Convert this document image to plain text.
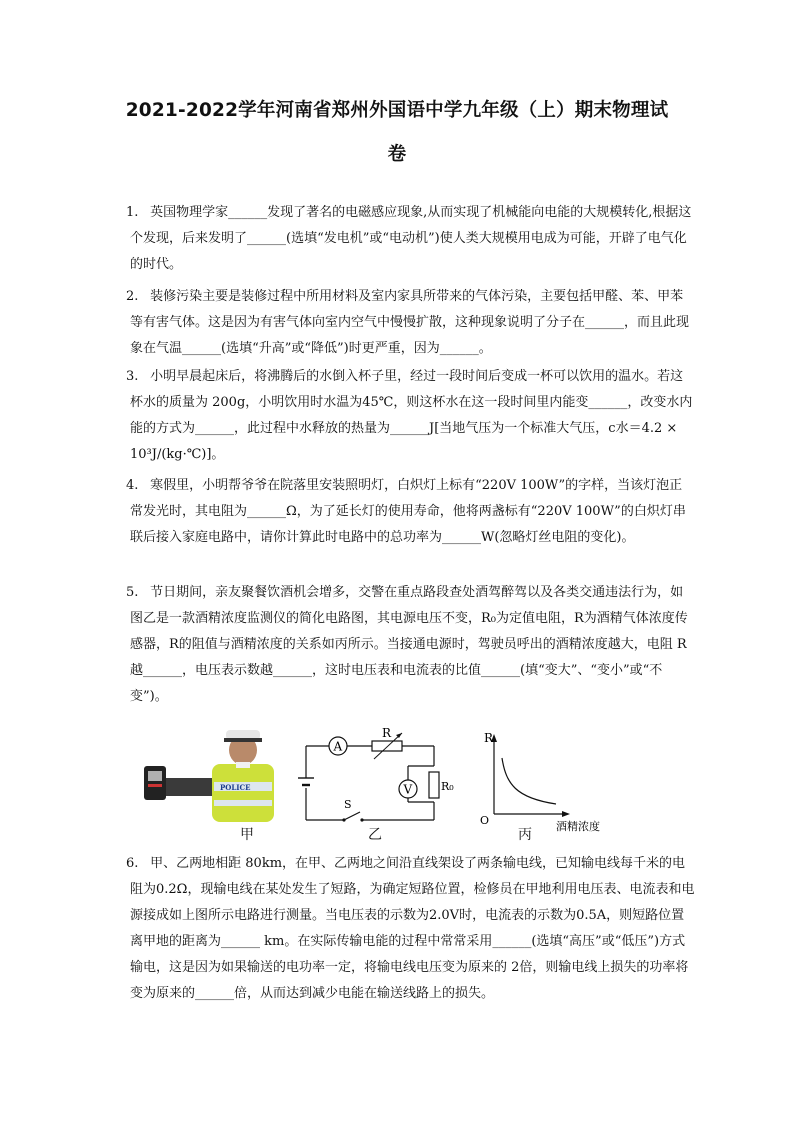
2021-2022学年河南省郑州外国语中学九年级（上）期末物理试
卷
1. 英国物理学家______发现了著名的电磁感应现象,从而实现了机械能向电能的大规模转化,根据这个发现，后来发明了______(选填“发电机”或“电动机”)使人类大规模用电成为可能，开辟了电气化的时代。
2. 装修污染主要是装修过程中所用材料及室内家具所带来的气体污染，主要包括甲醛、苯、甲苯等有害气体。这是因为有害气体向室内空气中慢慢扩散，这种现象说明了分子在______，而且此现象在气温______(选填“升高”或“降低”)时更严重，因为______。
3. 小明早晨起床后，将沸腾后的水倒入杯子里，经过一段时间后变成一杯可以饮用的温水。若这杯水的质量为 200g，小明饮用时水温为45℃，则这杯水在这一段时间里内能变______，改变水内能的方式为______，此过程中水释放的热量为______J[当地气压为一个标准大气压，c水＝4.2 × 10³J/(kg·℃)]。
4. 寒假里，小明帮爷爷在院落里安装照明灯，白炽灯上标有“220V 100W”的字样，当该灯泡正常发光时，其电阻为______Ω，为了延长灯的使用寿命，他将两盏标有“220V 100W”的白炽灯串联后接入家庭电路中，请你计算此时电路中的总功率为______W(忽略灯丝电阻的变化)。
5. 节日期间，亲友聚餐饮酒机会增多，交警在重点路段查处酒驾醉驾以及各类交通违法行为，如图乙是一款酒精浓度监测仪的简化电路图，其电源电压不变，R₀为定值电阻，R为酒精气体浓度传感器，R的阻值与酒精浓度的关系如丙所示。当接通电源时，驾驶员呼出的酒精浓度越大，电阻 R越______，电压表示数越______，这时电压表和电流表的比值______(填“变大”、“变小”或“不变”)。
POLICE
甲
A
R
V	R₀
S
乙
R
O	酒精浓度
丙
6. 甲、乙两地相距 80km，在甲、乙两地之间沿直线架设了两条输电线，已知输电线每千米的电阻为0.2Ω，现输电线在某处发生了短路，为确定短路位置，检修员在甲地利用电压表、电流表和电源接成如上图所示电路进行测量。当电压表的示数为2.0V时，电流表的示数为0.5A，则短路位置离甲地的距离为______ km。在实际传输电能的过程中常常采用______(选填“高压”或“低压”)方式输电，这是因为如果输送的电功率一定，将输电线电压变为原来的 2倍，则输电线上损失的功率将变为原来的______倍，从而达到减少电能在输送线路上的损失。
